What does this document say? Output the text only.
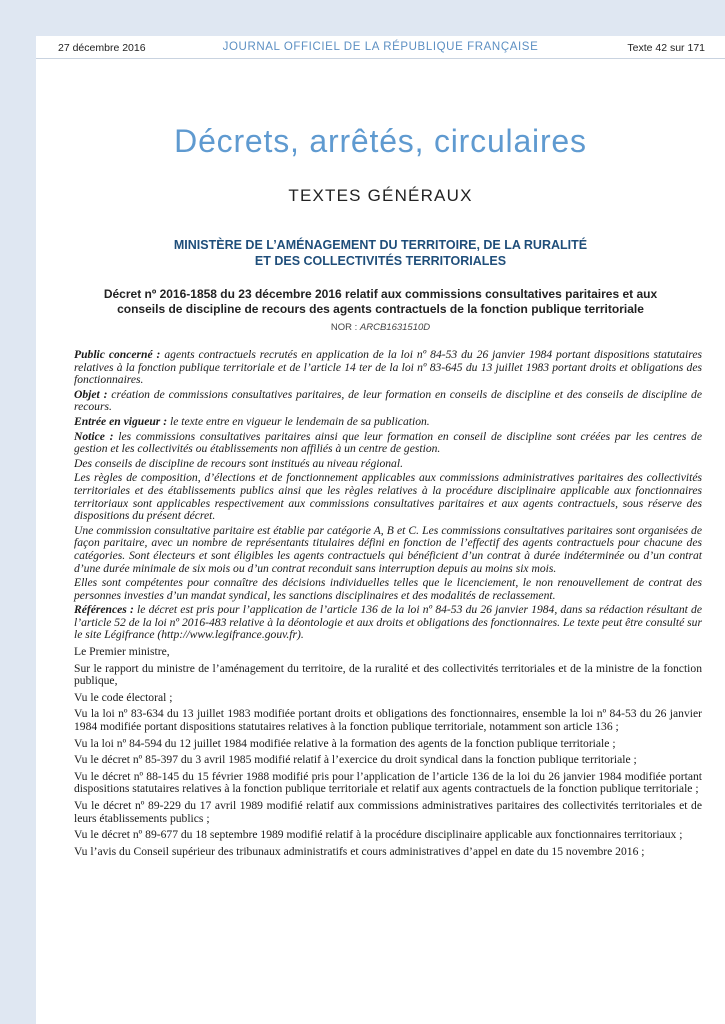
27 décembre 2016	JOURNAL OFFICIEL DE LA RÉPUBLIQUE FRANÇAISE	Texte 42 sur 171
Décrets, arrêtés, circulaires
TEXTES GÉNÉRAUX
MINISTÈRE DE L’AMÉNAGEMENT DU TERRITOIRE, DE LA RURALITÉ
ET DES COLLECTIVITÉS TERRITORIALES
Décret nº 2016-1858 du 23 décembre 2016 relatif aux commissions consultatives paritaires et aux
conseils de discipline de recours des agents contractuels de la fonction publique territoriale
NOR : ARCB1631510D

Public concerné : agents contractuels recrutés en application de la loi nº 84-53 du 26 janvier 1984 portant dispositions statutaires relatives à la fonction publique territoriale et de l’article 14 ter de la loi nº 83-645 du 13 juillet 1983 portant droits et obligations des fonctionnaires.

Objet : création de commissions consultatives paritaires, de leur formation en conseils de discipline et des conseils de discipline de recours.

Entrée en vigueur : le texte entre en vigueur le lendemain de sa publication.

Notice : les commissions consultatives paritaires ainsi que leur formation en conseil de discipline sont créées par les centres de gestion et les collectivités ou établissements non affiliés à un centre de gestion.

Des conseils de discipline de recours sont institués au niveau régional.

Les règles de composition, d’élections et de fonctionnement applicables aux commissions administratives paritaires des collectivités territoriales et des établissements publics ainsi que les règles relatives à la procédure disciplinaire applicable aux fonctionnaires territoriaux sont applicables respectivement aux commissions consultatives paritaires et aux agents contractuels, sous réserve des dispositions du présent décret.

Une commission consultative paritaire est établie par catégorie A, B et C. Les commissions consultatives paritaires sont organisées de façon paritaire, avec un nombre de représentants titulaires défini en fonction de l’effectif des agents contractuels pour chacune des catégories. Sont électeurs et sont éligibles les agents contractuels qui bénéficient d’un contrat à durée indéterminée ou d’un contrat d’une durée minimale de six mois ou d’un contrat reconduit sans interruption depuis au moins six mois.

Elles sont compétentes pour connaître des décisions individuelles telles que le licenciement, le non renouvellement de contrat des personnes investies d’un mandat syndical, les sanctions disciplinaires et des modalités de reclassement.

Références : le décret est pris pour l’application de l’article 136 de la loi nº 84-53 du 26 janvier 1984, dans sa rédaction résultant de l’article 52 de la loi nº 2016-483 relative à la déontologie et aux droits et obligations des fonctionnaires. Le texte peut être consulté sur le site Légifrance (http://www.legifrance.gouv.fr).

Le Premier ministre,

Sur le rapport du ministre de l’aménagement du territoire, de la ruralité et des collectivités territoriales et de la ministre de la fonction publique,

Vu le code électoral ;

Vu la loi nº 83-634 du 13 juillet 1983 modifiée portant droits et obligations des fonctionnaires, ensemble la loi nº 84-53 du 26 janvier 1984 modifiée portant dispositions statutaires relatives à la fonction publique territoriale, notamment son article 136 ;

Vu la loi nº 84-594 du 12 juillet 1984 modifiée relative à la formation des agents de la fonction publique territoriale ;

Vu le décret nº 85-397 du 3 avril 1985 modifié relatif à l’exercice du droit syndical dans la fonction publique territoriale ;

Vu le décret nº 88-145 du 15 février 1988 modifié pris pour l’application de l’article 136 de la loi du 26 janvier 1984 modifiée portant dispositions statutaires relatives à la fonction publique territoriale et relatif aux agents contractuels de la fonction publique territoriale ;

Vu le décret nº 89-229 du 17 avril 1989 modifié relatif aux commissions administratives paritaires des collectivités territoriales et de leurs établissements publics ;

Vu le décret nº 89-677 du 18 septembre 1989 modifié relatif à la procédure disciplinaire applicable aux fonctionnaires territoriaux ;

Vu l’avis du Conseil supérieur des tribunaux administratifs et cours administratives d’appel en date du 15 novembre 2016 ;
